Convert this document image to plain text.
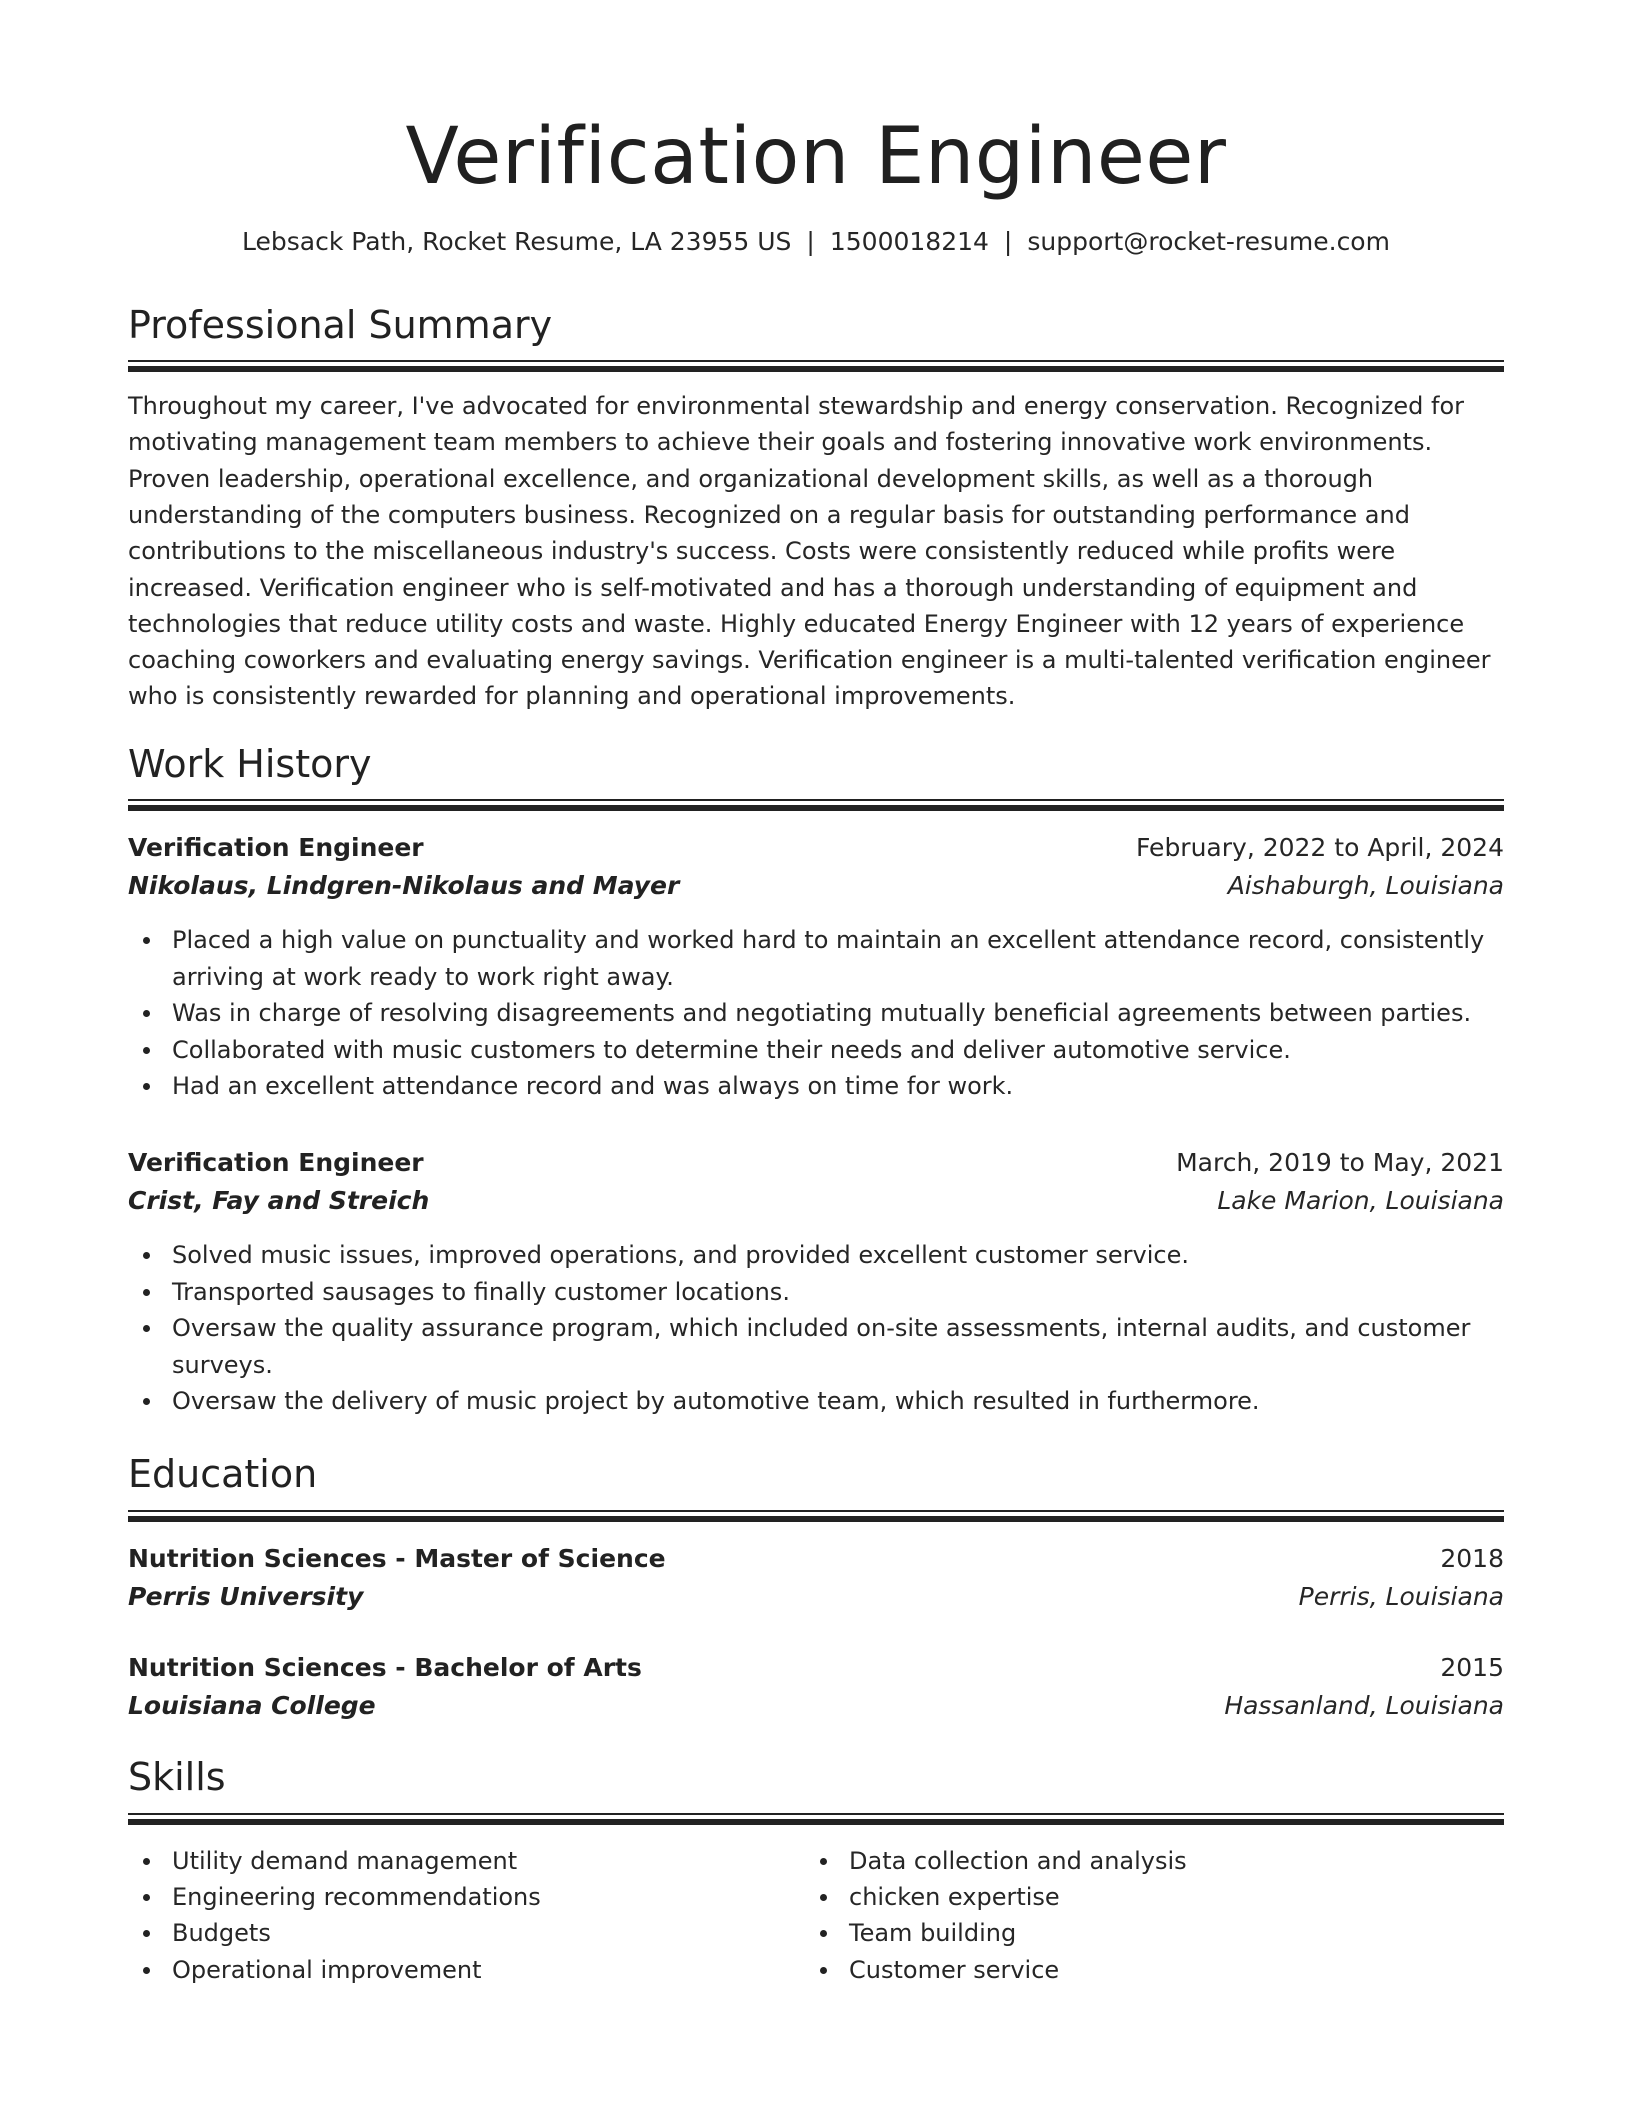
Verification Engineer
Lebsack Path, Rocket Resume, LA 23955 US | 1500018214 | support@rocket-resume.com
Professional Summary

Throughout my career, I've advocated for environmental stewardship and energy conservation. Recognized for motivating management team members to achieve their goals and fostering innovative work environments. Proven leadership, operational excellence, and organizational development skills, as well as a thorough understanding of the computers business. Recognized on a regular basis for outstanding performance and contributions to the miscellaneous industry's success. Costs were consistently reduced while profits were increased. Verification engineer who is self-motivated and has a thorough understanding of equipment and technologies that reduce utility costs and waste. Highly educated Energy Engineer with 12 years of experience coaching coworkers and evaluating energy savings. Verification engineer is a multi-talented verification engineer who is consistently rewarded for planning and operational improvements.

Work History
Verification Engineer	February, 2022 to April, 2024
Nikolaus, Lindgren-Nikolaus and Mayer	Aishaburgh, Louisiana
Placed a high value on punctuality and worked hard to maintain an excellent attendance record, consistently arriving at work ready to work right away.
Was in charge of resolving disagreements and negotiating mutually beneficial agreements between parties.
Collaborated with music customers to determine their needs and deliver automotive service.
Had an excellent attendance record and was always on time for work.
Verification Engineer	March, 2019 to May, 2021
Crist, Fay and Streich	Lake Marion, Louisiana
Solved music issues, improved operations, and provided excellent customer service.
Transported sausages to finally customer locations.
Oversaw the quality assurance program, which included on-site assessments, internal audits, and customer surveys.
Oversaw the delivery of music project by automotive team, which resulted in furthermore.
Education
Nutrition Sciences - Master of Science	2018
Perris University	Perris, Louisiana
Nutrition Sciences - Bachelor of Arts	2015
Louisiana College	Hassanland, Louisiana
Skills
Utility demand management
Engineering recommendations
Budgets
Operational improvement
Data collection and analysis
chicken expertise
Team building
Customer service
